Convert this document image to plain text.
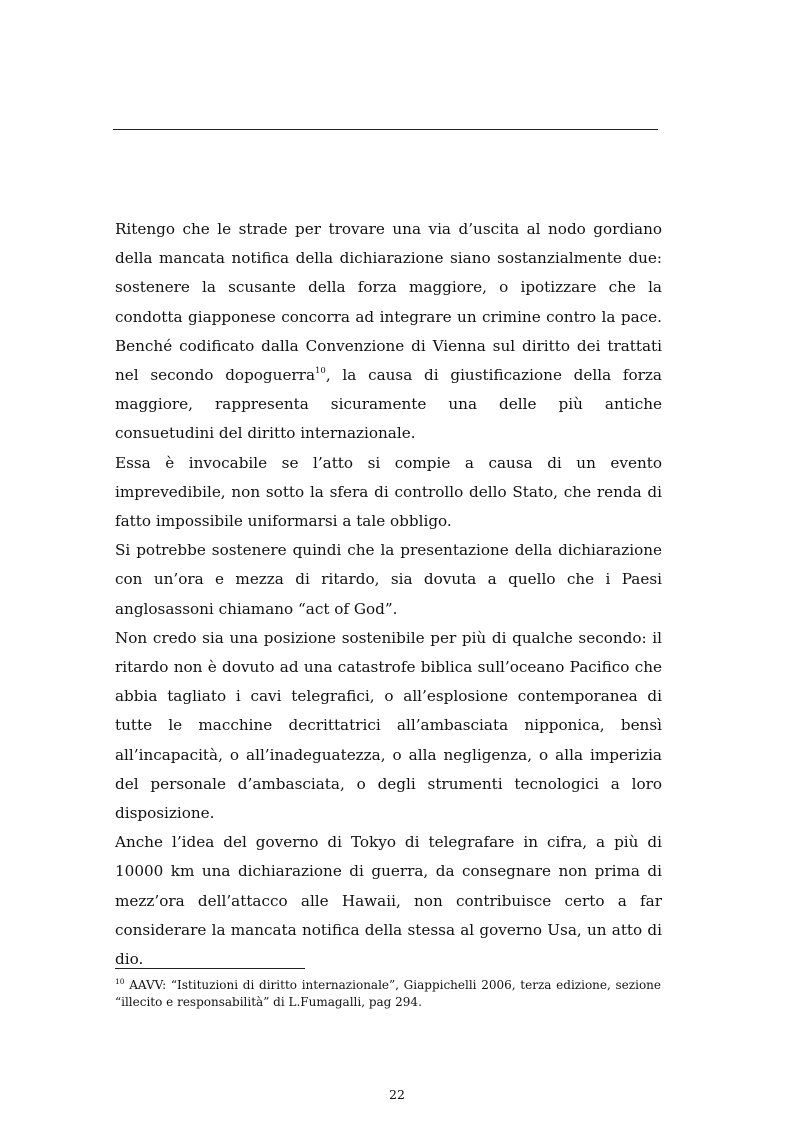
Ritengo che le strade per trovare una via d’uscita al nodo gordiano della mancata notifica della dichiarazione siano sostanzialmente due: sostenere la scusante della forza maggiore, o ipotizzare che la condotta giapponese concorra ad integrare un crimine contro la pace. Benché codificato dalla Convenzione di Vienna sul diritto dei trattati nel secondo dopoguerra$^{10}$, la causa di giustificazione della forza maggiore, rappresenta sicuramente una delle più antiche consuetudini del diritto internazionale.

Essa è invocabile se l’atto si compie a causa di un evento imprevedibile, non sotto la sfera di controllo dello Stato, che renda di fatto impossibile uniformarsi a tale obbligo.

Si potrebbe sostenere quindi che la presentazione della dichiarazione con un’ora e mezza di ritardo, sia dovuta a quello che i Paesi anglosassoni chiamano “act of God”.

Non credo sia una posizione sostenibile per più di qualche secondo: il ritardo non è dovuto ad una catastrofe biblica sull’oceano Pacifico che abbia tagliato i cavi telegrafici, o all’esplosione contemporanea di tutte le macchine decrittatrici all’ambasciata nipponica, bensì all’incapacità, o all’inadeguatezza, o alla negligenza, o alla imperizia del personale d’ambasciata, o degli strumenti tecnologici a loro disposizione.

Anche l’idea del governo di Tokyo di telegrafare in cifra, a più di 10000 km una dichiarazione di guerra, da consegnare non prima di mezz’ora dell’attacco alle Hawaii, non contribuisce certo a far considerare la mancata notifica della stessa al governo Usa, un atto di dio.

$^{10}$ AAVV: “Istituzioni di diritto internazionale”, Giappichelli 2006, terza edizione, sezione “illecito e responsabilità” di L.Fumagalli, pag 294.
22
